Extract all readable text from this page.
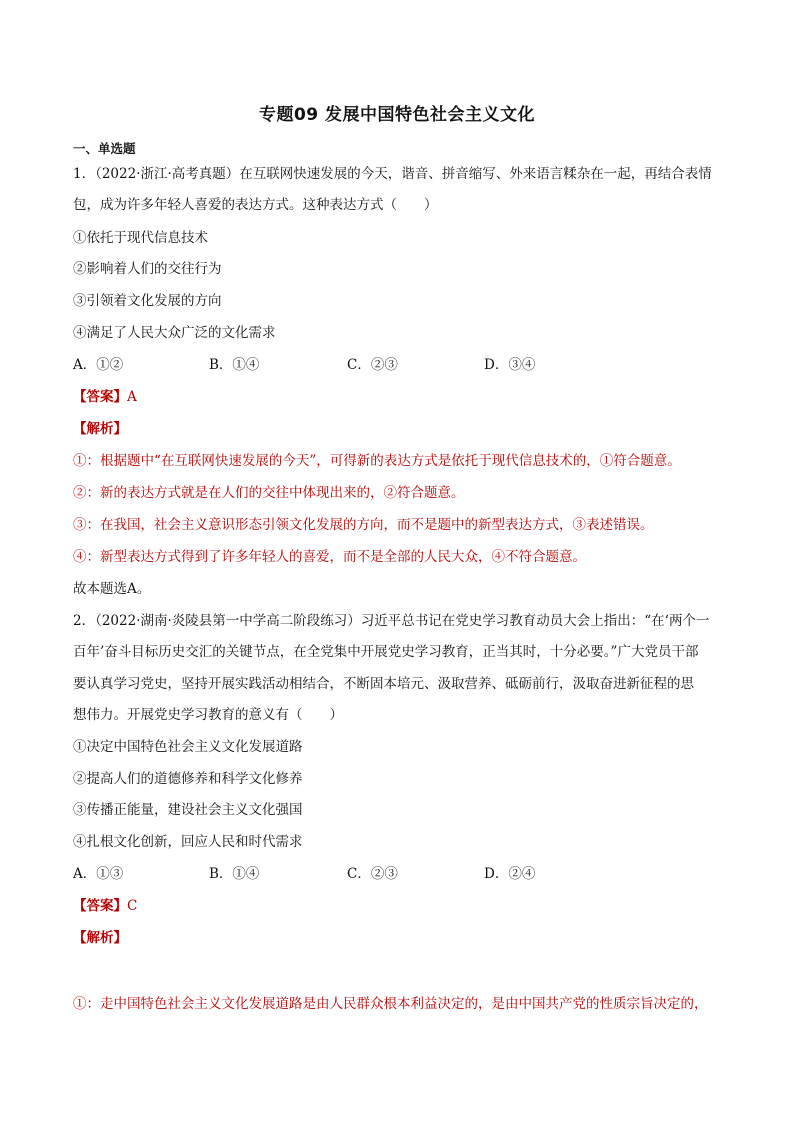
专题09 发展中国特色社会主义文化
一、单选题
1．（2022·浙江·高考真题）在互联网快速发展的今天，谐音、拼音缩写、外来语言糅杂在一起，再结合表情
包，成为许多年轻人喜爱的表达方式。这种表达方式（　　）
①依托于现代信息技术
②影响着人们的交往行为
③引领着文化发展的方向
④满足了人民大众广泛的文化需求
A．①②	B．①④	C．②③	D．③④
【答案】A
【解析】
①：根据题中“在互联网快速发展的今天”，可得新的表达方式是依托于现代信息技术的，①符合题意。
②：新的表达方式就是在人们的交往中体现出来的，②符合题意。
③：在我国，社会主义意识形态引领文化发展的方向，而不是题中的新型表达方式，③表述错误。
④：新型表达方式得到了许多年轻人的喜爱，而不是全部的人民大众，④不符合题意。
故本题选A。
2．（2022·湖南·炎陵县第一中学高二阶段练习）习近平总书记在党史学习教育动员大会上指出：“在‘两个一
百年’奋斗目标历史交汇的关键节点，在全党集中开展党史学习教育，正当其时，十分必要。”广大党员干部
要认真学习党史，坚持开展实践活动相结合，不断固本培元、汲取营养、砥砺前行，汲取奋进新征程的思
想伟力。开展党史学习教育的意义有（　　）
①决定中国特色社会主义文化发展道路
②提高人们的道德修养和科学文化修养
③传播正能量，建设社会主义文化强国
④扎根文化创新，回应人民和时代需求
A．①③	B．①④	C．②③	D．②④
【答案】C
【解析】
①：走中国特色社会主义文化发展道路是由人民群众根本利益决定的，是由中国共产党的性质宗旨决定的，
